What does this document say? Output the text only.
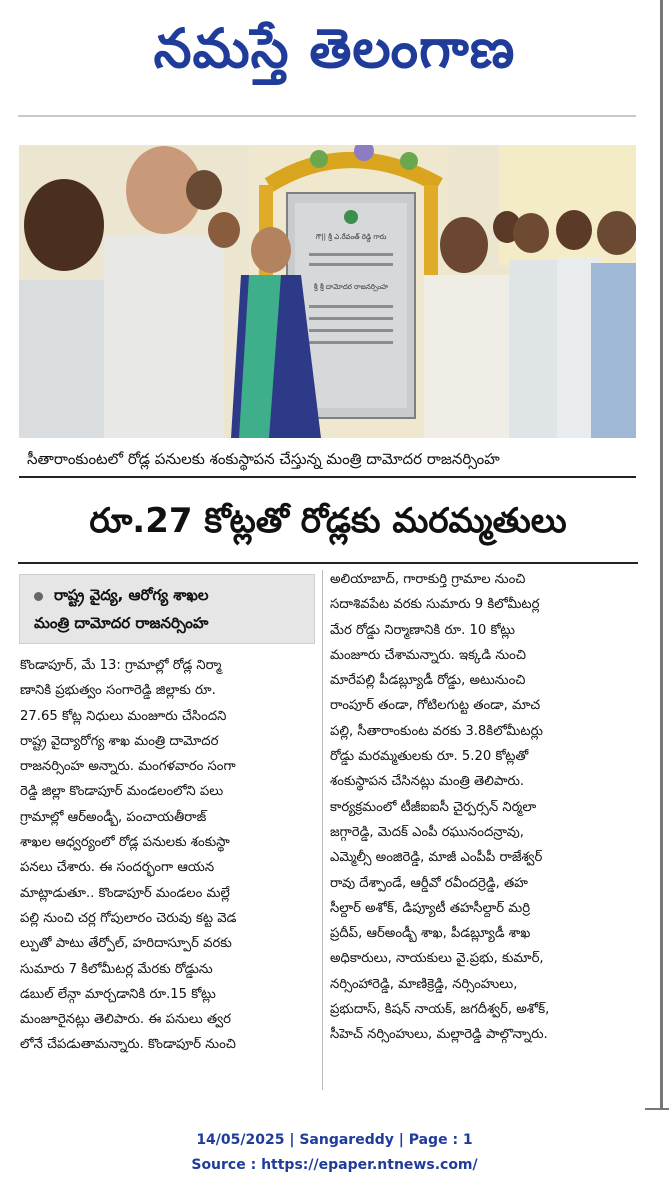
నమస్తే తెలంగాణ
గౌ|| శ్రీ ఎ.రేవంత్ రెడ్డి గారు
శ్రీ శ్రీ దామోదర రాజనర్సింహ
సీతారాంకుంటలో రోడ్ల పనులకు శంకుస్థాపన చేస్తున్న మంత్రి దామోదర రాజనర్సింహ
రూ.27 కోట్లతో రోడ్లకు మరమ్మతులు
రాష్ట్ర వైద్య, ఆరోగ్య శాఖల
మంత్రి దామోదర రాజనర్సింహ
కొండాపూర్, మే 13: గ్రామాల్లో రోడ్ల నిర్మా
ణానికి ప్రభుత్వం సంగారెడ్డి జిల్లాకు రూ.
27.65 కోట్ల నిధులు మంజూరు చేసిందని
రాష్ట్ర వైద్యారోగ్య శాఖ మంత్రి దామోదర
రాజనర్సింహ అన్నారు. మంగళవారం సంగా
రెడ్డి జిల్లా కొండాపూర్ మండలంలోని పలు
గ్రామాల్లో ఆర్అండ్బీ, పంచాయతీరాజ్
శాఖల ఆధ్వర్యంలో రోడ్ల పనులకు శంకుస్థా
పనలు చేశారు. ఈ సందర్భంగా ఆయన
మాట్లాడుతూ.. కొండాపూర్ మండలం మల్లే
పల్లి నుంచి చర్ల గోపులారం చెరువు కట్ట వెడ
ల్పుతో పాటు తేర్పోల్, హరిదాస్పూర్ వరకు
సుమారు 7 కిలోమీటర్ల మేరకు రోడ్డును
డబుల్ లేన్గా మార్చడానికి రూ.15 కోట్లు
మంజూరైనట్లు తెలిపారు. ఈ పనులు త్వర
లోనే చేపడుతామన్నారు. కొండాపూర్ నుంచి
అలియాబాద్, గారాకుర్తి గ్రామాల నుంచి
సదాశివపేట వరకు సుమారు 9 కిలోమీటర్ల
మేర రోడ్డు నిర్మాణానికి రూ. 10 కోట్లు
మంజూరు చేశామన్నారు. ఇక్కడి నుంచి
మారేపల్లి పీడబ్ల్యూడీ రోడ్డు, అటునుంచి
రాంపూర్ తండా, గోటిలగుట్ట తండా, మాచ
పల్లి, సీతారాంకుంట వరకు 3.8కిలోమీటర్లు
రోడ్డు మరమ్మతులకు రూ. 5.20 కోట్లతో
శంకుస్థాపన చేసినట్లు మంత్రి తెలిపారు.
కార్యక్రమంలో టీజీఐఐసీ చైర్పర్సన్ నిర్మలా
జగ్గారెడ్డి, మెదక్ ఎంపీ రఘునందన్రావు,
ఎమ్మెల్సీ అంజిరెడ్డి, మాజీ ఎంపీపీ రాజేశ్వర్
రావు దేశ్పాండే, ఆర్డీవో రవీందర్రెడ్డి, తహ
సీల్దార్ అశోక్, డిప్యూటీ తహసీల్దార్ మర్రి
ప్రదీప్, ఆర్అండ్బీ శాఖ, పీడబ్ల్యూడీ శాఖ
అధికారులు, నాయకులు వై.ప్రభు, కుమార్,
నర్సింహారెడ్డి, మాణిక్రెడ్డి, నర్సింహులు,
ప్రభుదాస్, కిషన్ నాయక్, జగదీశ్వర్, అశోక్,
సీహెచ్ నర్సింహులు, మల్లారెడ్డి పాల్గొన్నారు.
14/05/2025 | Sangareddy | Page : 1
Source : https://epaper.ntnews.com/
